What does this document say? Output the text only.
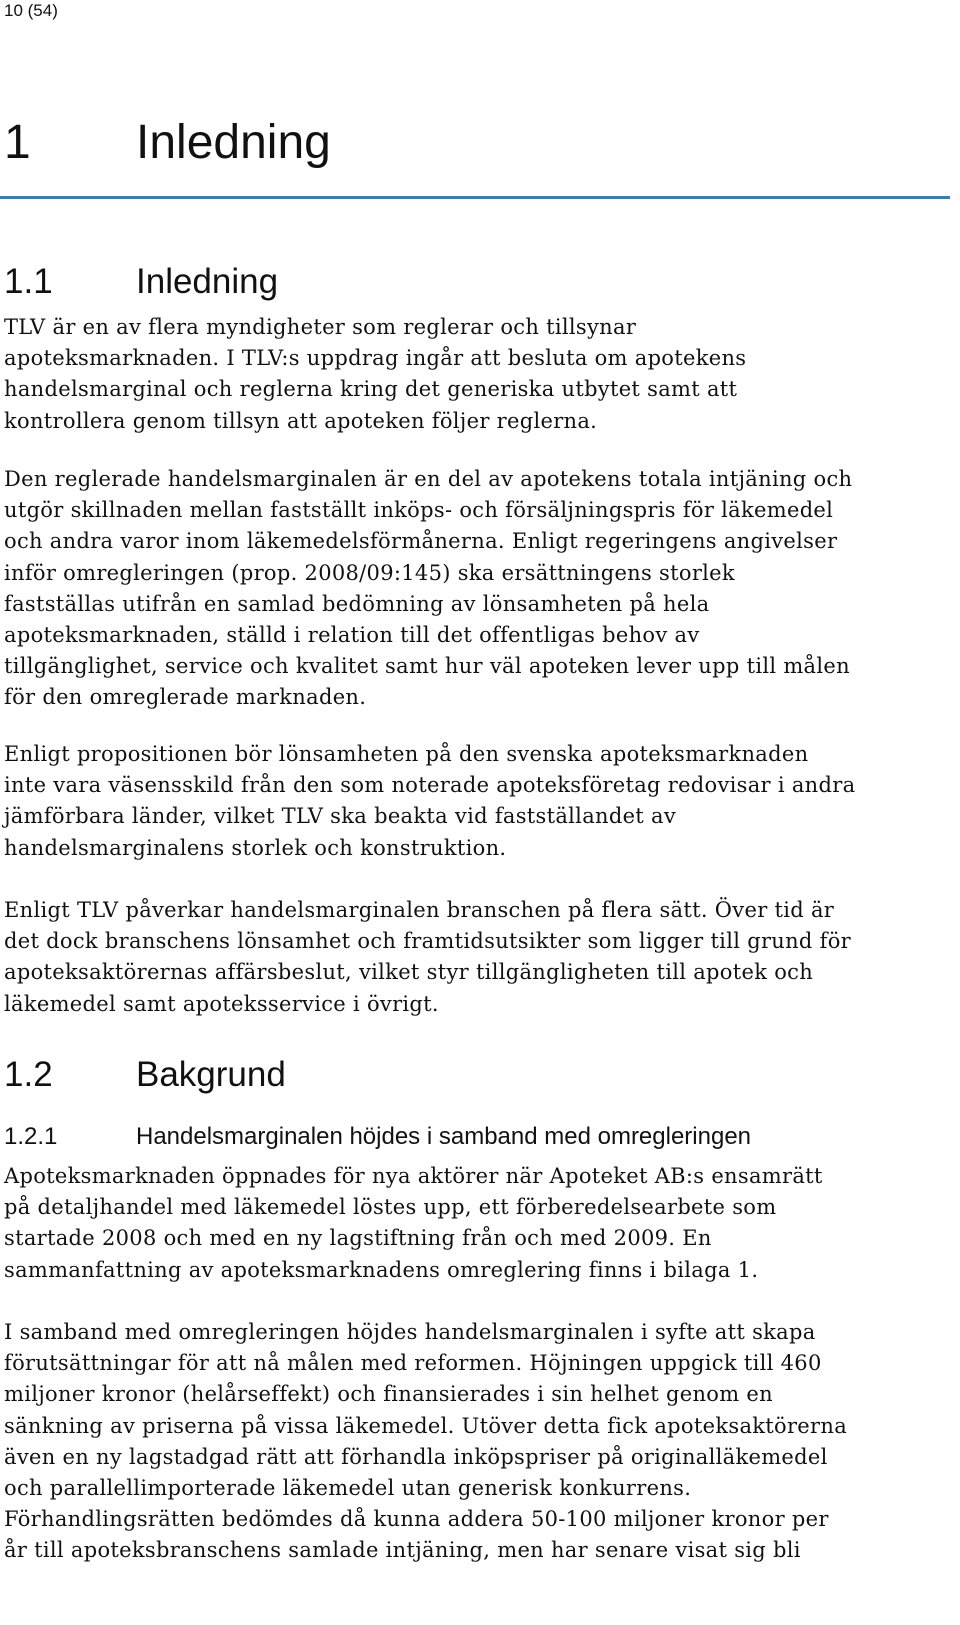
10 (54)

1 Inledning
1.1 Inledning

TLV är en av flera myndigheter som reglerar och tillsynar
apoteksmarknaden. I TLV:s uppdrag ingår att besluta om apotekens
handelsmarginal och reglerna kring det generiska utbytet samt att
kontrollera genom tillsyn att apoteken följer reglerna.

Den reglerade handelsmarginalen är en del av apotekens totala intjäning och
utgör skillnaden mellan fastställt inköps- och försäljningspris för läkemedel
och andra varor inom läkemedelsförmånerna. Enligt regeringens angivelser
inför omregleringen (prop. 2008/09:145) ska ersättningens storlek
fastställas utifrån en samlad bedömning av lönsamheten på hela
apoteksmarknaden, ställd i relation till det offentligas behov av
tillgänglighet, service och kvalitet samt hur väl apoteken lever upp till målen
för den omreglerade marknaden.

Enligt propositionen bör lönsamheten på den svenska apoteksmarknaden
inte vara väsensskild från den som noterade apoteksföretag redovisar i andra
jämförbara länder, vilket TLV ska beakta vid fastställandet av
handelsmarginalens storlek och konstruktion.

Enligt TLV påverkar handelsmarginalen branschen på flera sätt. Över tid är
det dock branschens lönsamhet och framtidsutsikter som ligger till grund för
apoteksaktörernas affärsbeslut, vilket styr tillgängligheten till apotek och
läkemedel samt apoteksservice i övrigt.

1.2 Bakgrund
1.2.1	Handelsmarginalen höjdes i samband med omregleringen

Apoteksmarknaden öppnades för nya aktörer när Apoteket AB:s ensamrätt
på detaljhandel med läkemedel löstes upp, ett förberedelsearbete som
startade 2008 och med en ny lagstiftning från och med 2009. En
sammanfattning av apoteksmarknadens omreglering finns i bilaga 1.

I samband med omregleringen höjdes handelsmarginalen i syfte att skapa
förutsättningar för att nå målen med reformen. Höjningen uppgick till 460
miljoner kronor (helårseffekt) och finansierades i sin helhet genom en
sänkning av priserna på vissa läkemedel. Utöver detta fick apoteksaktörerna
även en ny lagstadgad rätt att förhandla inköpspriser på originalläkemedel
och parallellimporterade läkemedel utan generisk konkurrens.
Förhandlingsrätten bedömdes då kunna addera 50-100 miljoner kronor per
år till apoteksbranschens samlade intjäning, men har senare visat sig bli
